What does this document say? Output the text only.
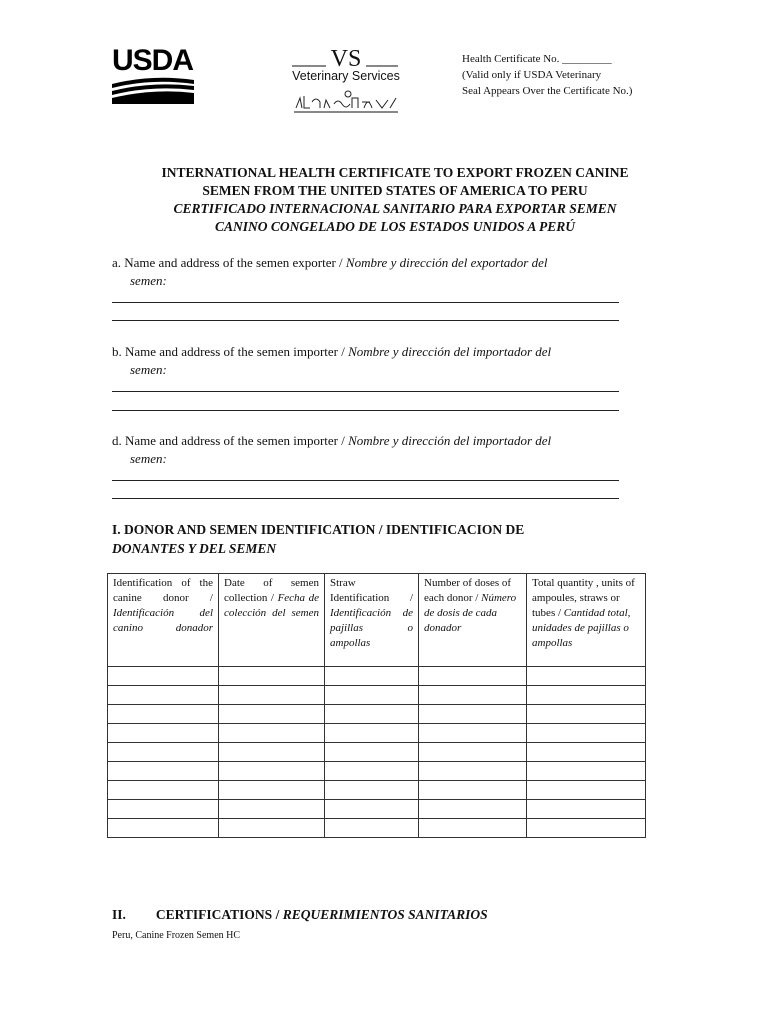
USDA	VS
Veterinary Services
Health Certificate No. _________
(Valid only if USDA Veterinary
Seal Appears Over the Certificate No.)
INTERNATIONAL HEALTH CERTIFICATE TO EXPORT FROZEN CANINE
SEMEN FROM THE UNITED STATES OF AMERICA TO PERU
CERTIFICADO INTERNACIONAL SANITARIO PARA EXPORTAR SEMEN
CANINO CONGELADO DE LOS ESTADOS UNIDOS A PERÚ
a. Name and address of the semen exporter / Nombre y dirección del exportador del
semen:
b. Name and address of the semen importer / Nombre y dirección del importador del
semen:
d. Name and address of the semen importer / Nombre y dirección del importador del
semen:
I. DONOR AND SEMEN IDENTIFICATION / IDENTIFICACION DE
DONANTES Y DEL SEMEN
Identification of the canine donor / Identificación del canino donador	Date of semen collection / Fecha de colección del semen	Straw Identification / Identificación de pajillas o ampollas	Number of doses of each donor / Número de dosis de cada donador	Total quantity , units of ampoules, straws or tubes / Cantidad total, unidades de pajillas o ampollas

II. CERTIFICATIONS / REQUERIMIENTOS SANITARIOS
Peru, Canine Frozen Semen HC
